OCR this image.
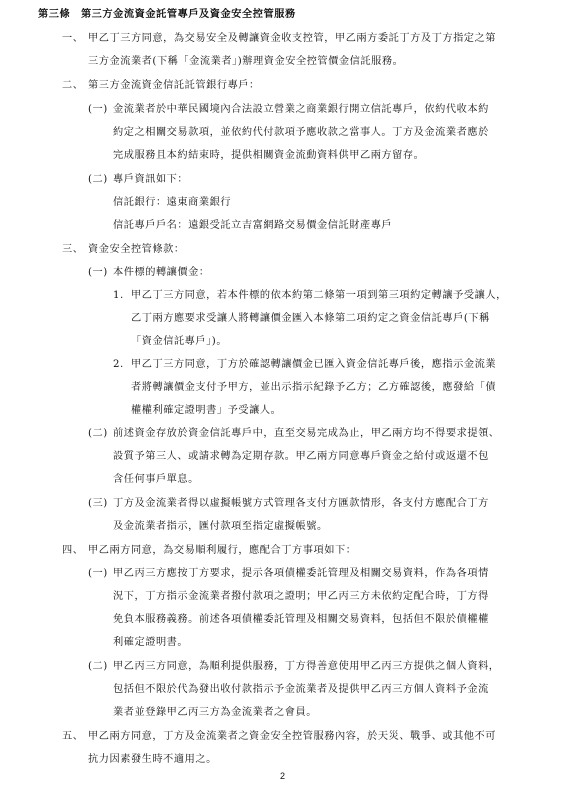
第三條　第三方金流資金託管專戶及資金安全控管服務
一、 甲乙丁三方同意，為交易安全及轉讓資金收支控管，甲乙兩方委託丁方及丁方指定之第
三方金流業者(下稱「金流業者」)辦理資金安全控管價金信託服務。
二、 第三方金流資金信託託管銀行專戶：
(一) 金流業者於中華民國境內合法設立營業之商業銀行開立信託專戶，依約代收本約
約定之相關交易款項，並依約代付款項予應收款之當事人。丁方及金流業者應於
完成服務且本約結束時，提供相關資金流動資料供甲乙兩方留存。
(二) 專戶資訊如下：
信託銀行：遠東商業銀行
信託專戶戶名：遠銀受託立吉富網路交易價金信託財產專戶
三、 資金安全控管條款：
(一) 本件標的轉讓價金：
1. 甲乙丁三方同意，若本件標的依本約第二條第一項到第三項約定轉讓予受讓人，
乙丁兩方應要求受讓人將轉讓價金匯入本條第二項約定之資金信託專戶(下稱
「資金信託專戶」)。
2. 甲乙丁三方同意，丁方於確認轉讓價金已匯入資金信託專戶後，應指示金流業
者將轉讓價金支付予甲方，並出示指示紀錄予乙方；乙方確認後，應發給「債
權權利確定證明書」予受讓人。
(二) 前述資金存放於資金信託專戶中，直至交易完成為止，甲乙兩方均不得要求提領、
設質予第三人、或請求轉為定期存款。甲乙兩方同意專戶資金之給付或返還不包
含任何事戶單息。
(三) 丁方及金流業者得以虛擬帳號方式管理各支付方匯款情形，各支付方應配合丁方
及金流業者指示，匯付款項至指定虛擬帳號。
四、 甲乙兩方同意，為交易順利履行，應配合丁方事項如下：
(一) 甲乙丙三方應按丁方要求，提示各項債權委託管理及相關交易資料，作為各項情
況下，丁方指示金流業者撥付款項之證明；甲乙丙三方未依約定配合時，丁方得
免負本服務義務。前述各項債權委託管理及相關交易資料，包括但不限於債權權
利確定證明書。
(二) 甲乙丙三方同意，為順利提供服務，丁方得善意使用甲乙丙三方提供之個人資料，
包括但不限於代為發出收付款指示予金流業者及提供甲乙丙三方個人資料予金流
業者並登錄甲乙丙三方為金流業者之會員。
五、 甲乙兩方同意，丁方及金流業者之資金安全控管服務內容，於天災、戰爭、或其他不可
抗力因素發生時不適用之。
2
